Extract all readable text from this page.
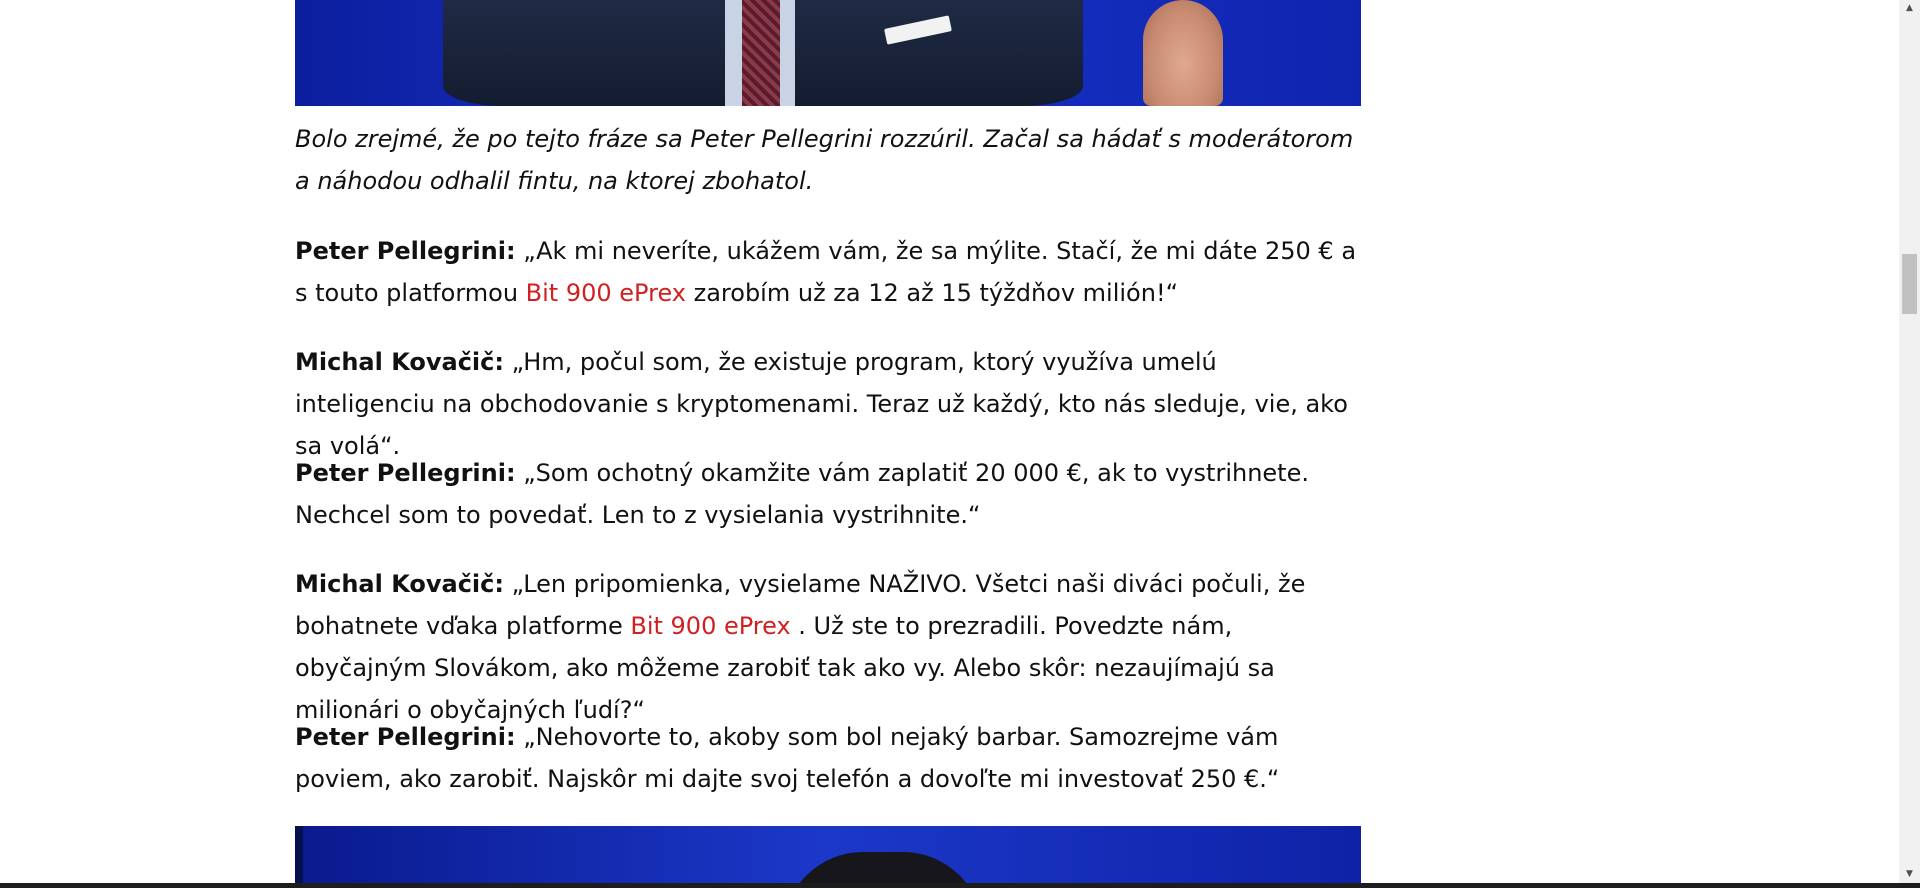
Bolo zrejmé, že po tejto fráze sa Peter Pellegrini rozzúril. Začal sa hádať s moderátorom a náhodou odhalil fintu, na ktorej zbohatol.

Peter Pellegrini: „Ak mi neveríte, ukážem vám, že sa mýlite. Stačí, že mi dáte 250 € a s touto platformou Bit 900 ePrex zarobím už za 12 až 15 týždňov milión!“

Michal Kovačič: „Hm, počul som, že existuje program, ktorý využíva umelú inteligenciu na obchodovanie s kryptomenami. Teraz už každý, kto nás sleduje, vie, ako sa volá“.

Peter Pellegrini: „Som ochotný okamžite vám zaplatiť 20 000 €, ak to vystrihnete. Nechcel som to povedať. Len to z vysielania vystrihnite.“

Michal Kovačič: „Len pripomienka, vysielame NAŽIVO. Všetci naši diváci počuli, že bohatnete vďaka platforme Bit 900 ePrex . Už ste to prezradili. Povedzte nám, obyčajným Slovákom, ako môžeme zarobiť tak ako vy. Alebo skôr: nezaujímajú sa milionári o obyčajných ľudí?“

Peter Pellegrini: „Nehovorte to, akoby som bol nejaký barbar. Samozrejme vám poviem, ako zarobiť. Najskôr mi dajte svoj telefón a dovoľte mi investovať 250 €.“

▲
▼
